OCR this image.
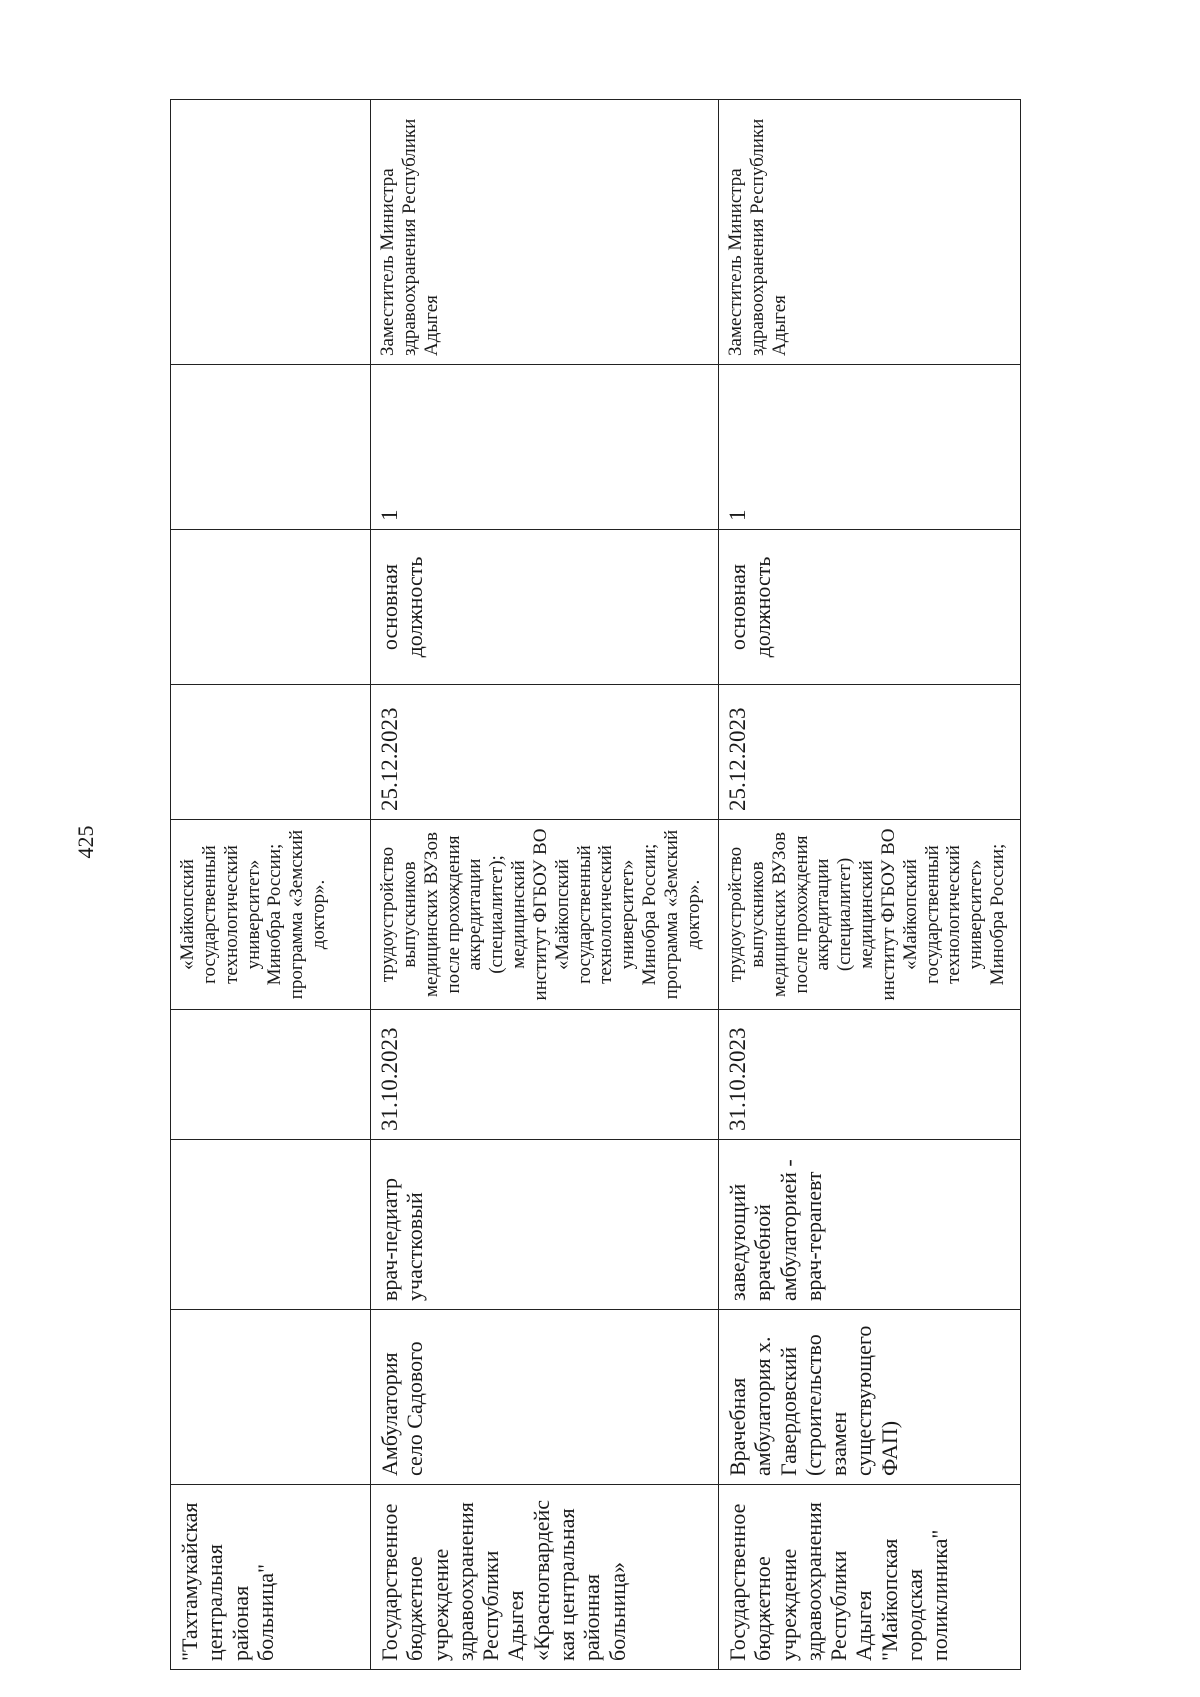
425
"Тахтамукайская центральная районая больница"				«Майкопский государственный технологический университет» Минобра России; программа «Земский доктор».				
Государственное бюджетное учреждение здравоохранения Республики Адыгея «Красногвардейская центральная районная больница»	Амбулатория село Садового	врач-педиатр участковый	31.10.2023	трудоустройство выпускников медицинских ВУЗов после прохождения аккредитации (специалитет); медицинский институт ФГБОУ ВО «Майкопский государственный технологический университет» Минобра России; программа «Земский доктор».	25.12.2023	основная должность	1	Заместитель Министра здравоохранения Республики Адыгея
Государственное бюджетное учреждение здравоохранения Республики Адыгея "Майкопская городская поликлиника"	Врачебная амбулатория х. Гавердовский (строительство взамен существующего ФАП)	заведующий врачебной амбулаторией - врач-терапевт	31.10.2023	трудоустройство выпускников медицинских ВУЗов после прохождения аккредитации (специалитет) медицинский институт ФГБОУ ВО «Майкопский государственный технологический университет» Минобра России;	25.12.2023	основная должность	1	Заместитель Министра здравоохранения Республики Адыгея
